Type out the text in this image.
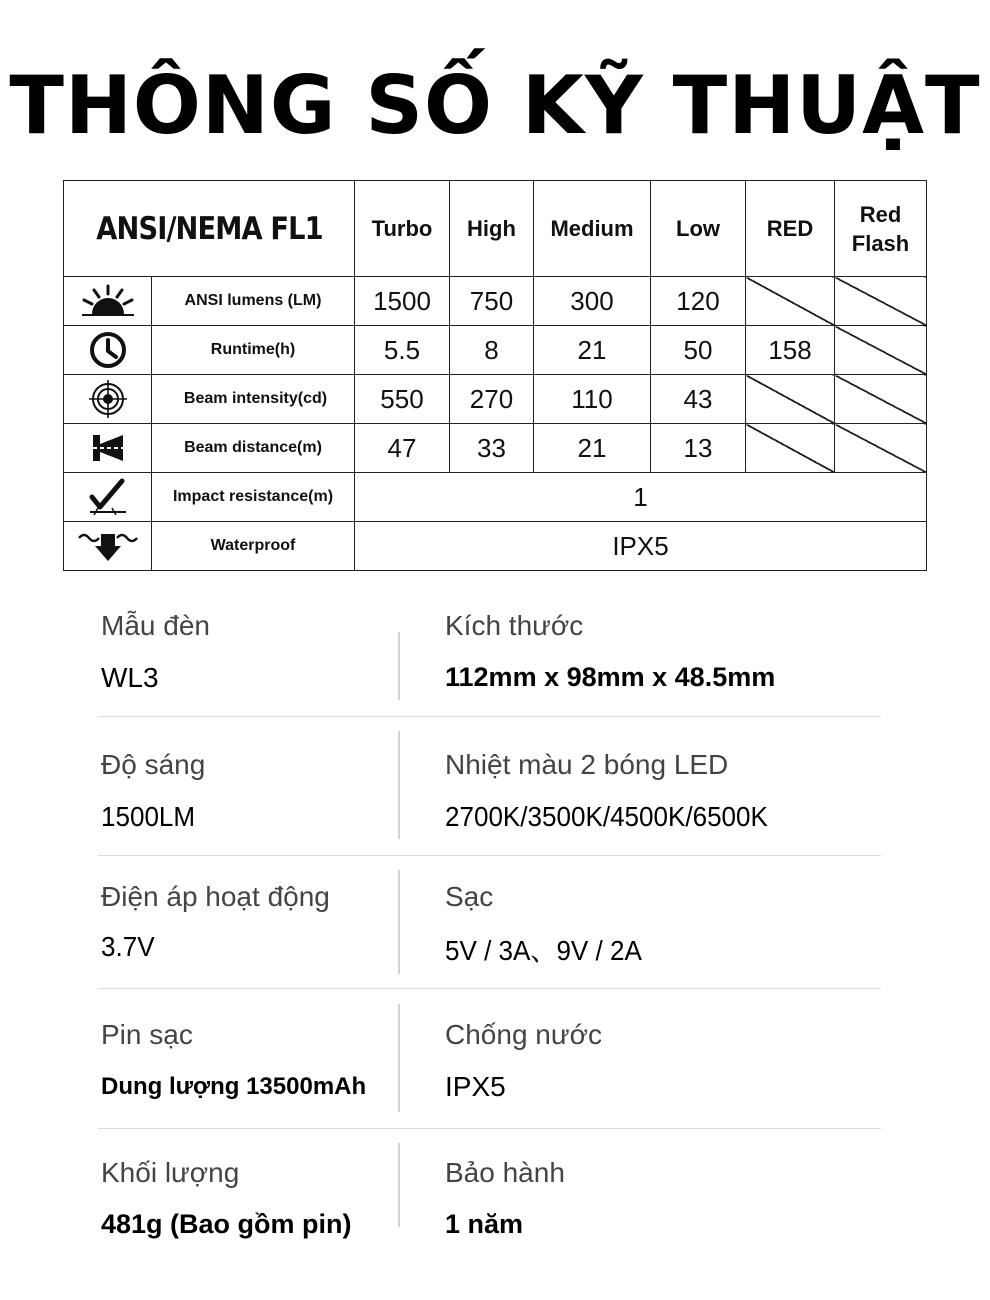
THÔNG SỐ KỸ THUẬT
ANSI/NEMA FL1		Turbo	High	Medium	Low	RED	Red
Flash

	ANSI lumens (LM)	1500	750	300	120		

	Runtime(h)	5.5	8	21	50	158	

	Beam intensity(cd)	550	270	110	43		

	Beam distance(m)	47	33	21	13		

	Impact resistance(m)	1					

	Waterproof	IPX5					
Mẫu đèn
WL3
Kích thước
112mm x 98mm x 48.5mm
Độ sáng
1500LM
Nhiệt màu 2 bóng LED
2700K/3500K/4500K/6500K
Điện áp hoạt động
3.7V
Sạc
5V / 3A、9V / 2A
Pin sạc
Dung lượng 13500mAh
Chống nước
IPX5
Khối lượng
481g (Bao gồm pin)
Bảo hành
1 năm
